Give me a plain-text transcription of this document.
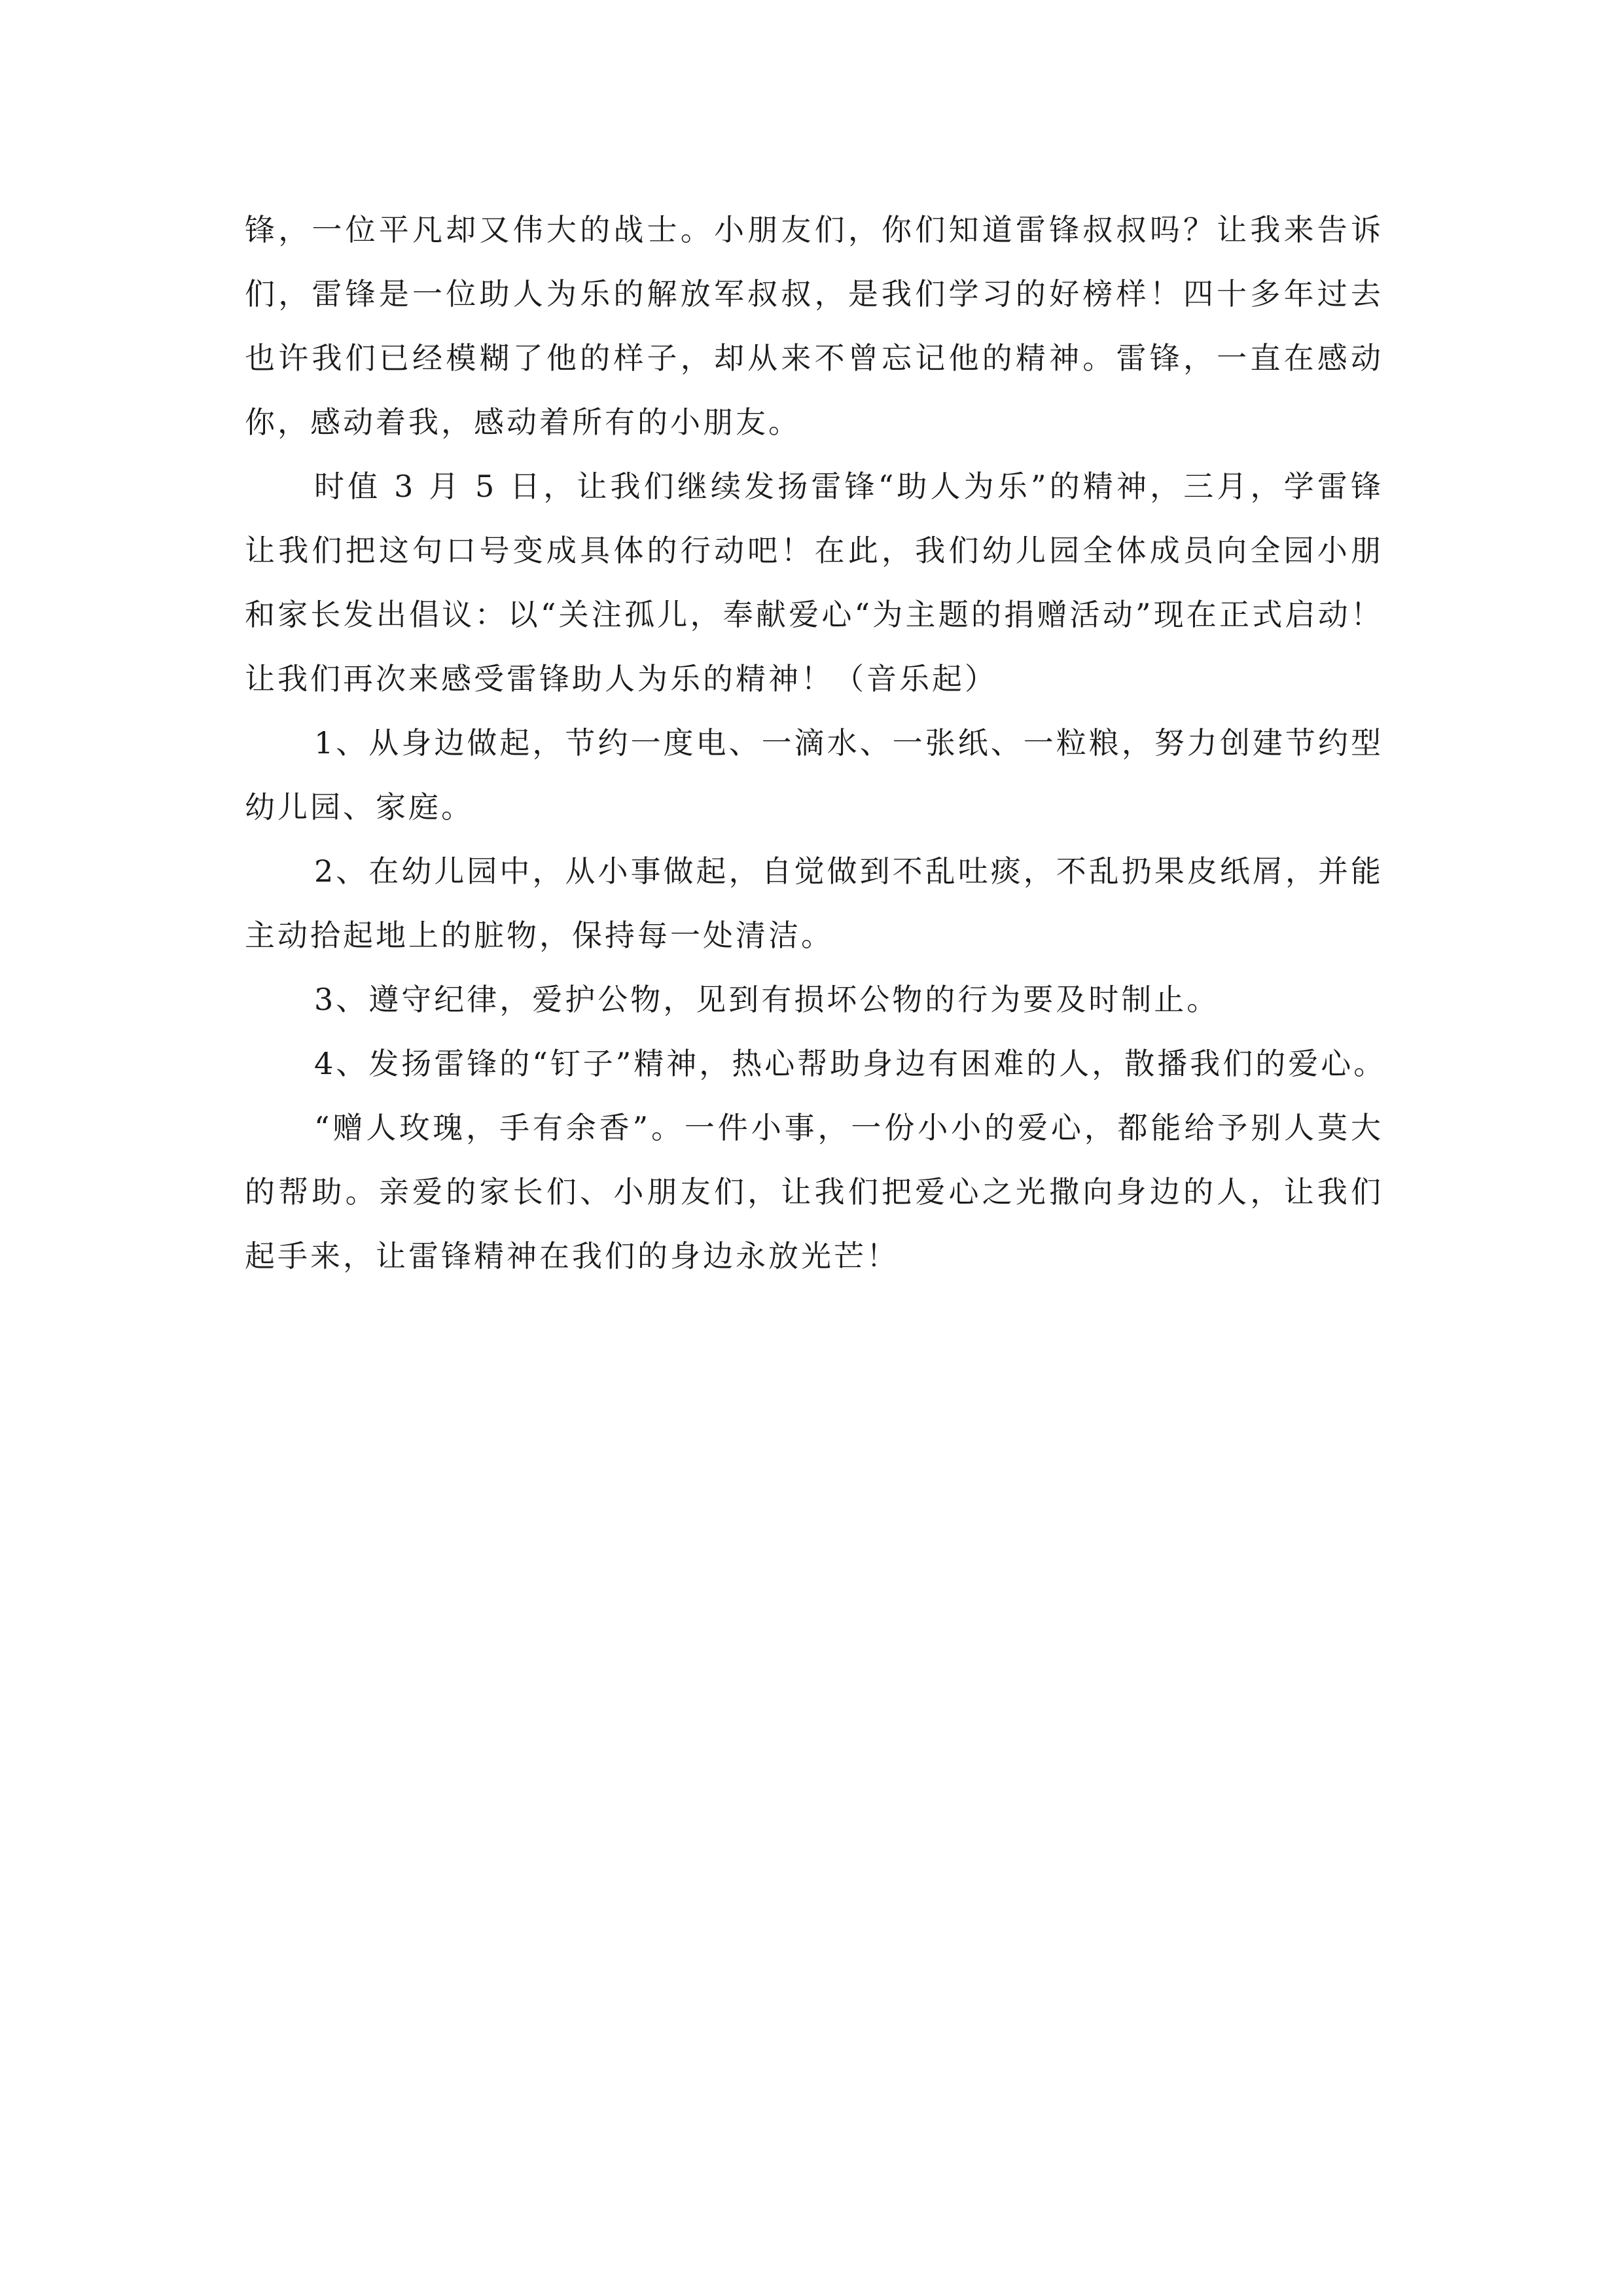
锋，一位平凡却又伟大的战士。小朋友们，你们知道雷锋叔叔吗？让我来告诉
们，雷锋是一位助人为乐的解放军叔叔，是我们学习的好榜样！四十多年过去
也许我们已经模糊了他的样子，却从来不曾忘记他的精神。雷锋，一直在感动
你，感动着我，感动着所有的小朋友。
时值 3 月 5 日，让我们继续发扬雷锋“助人为乐”的精神，三月，学雷锋
让我们把这句口号变成具体的行动吧！在此，我们幼儿园全体成员向全园小朋
和家长发出倡议：以“关注孤儿，奉献爱心“为主题的捐赠活动”现在正式启动！
让我们再次来感受雷锋助人为乐的精神！（音乐起）
1、从身边做起，节约一度电、一滴水、一张纸、一粒粮，努力创建节约型
幼儿园、家庭。
2、在幼儿园中，从小事做起，自觉做到不乱吐痰，不乱扔果皮纸屑，并能
主动拾起地上的脏物，保持每一处清洁。
3、遵守纪律，爱护公物，见到有损坏公物的行为要及时制止。
4、发扬雷锋的“钉子”精神，热心帮助身边有困难的人，散播我们的爱心。
“赠人玫瑰，手有余香”。一件小事，一份小小的爱心，都能给予别人莫大
的帮助。亲爱的家长们、小朋友们，让我们把爱心之光撒向身边的人，让我们
起手来，让雷锋精神在我们的身边永放光芒！
